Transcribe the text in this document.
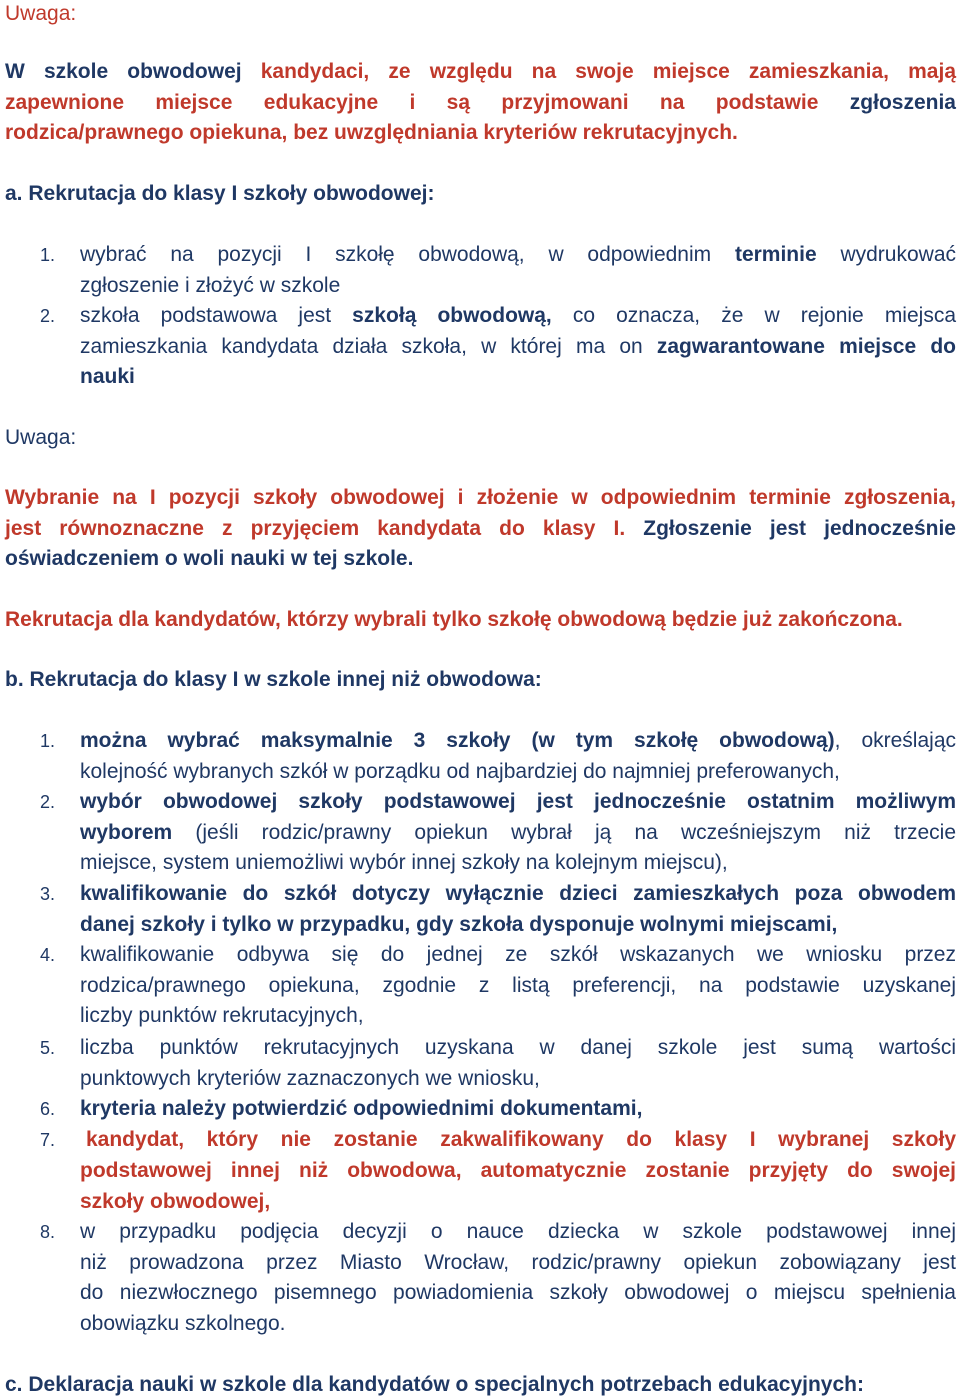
Uwaga:
W szkole obwodowej kandydaci, ze względu na swoje miejsce zamieszkania, mają
zapewnione miejsce edukacyjne i są przyjmowani na podstawie zgłoszenia
rodzica/prawnego opiekuna, bez uwzględniania kryteriów rekrutacyjnych.
a. Rekrutacja do klasy I szkoły obwodowej:
1. wybrać na pozycji I szkołę obwodową, w odpowiednim terminie wydrukować
zgłoszenie i złożyć w szkole
2. szkoła podstawowa jest szkołą obwodową, co oznacza, że w rejonie miejsca
zamieszkania kandydata działa szkoła, w której ma on zagwarantowane miejsce do
nauki
Uwaga:
Wybranie na I pozycji szkoły obwodowej i złożenie w odpowiednim terminie zgłoszenia,
jest równoznaczne z przyjęciem kandydata do klasy I. Zgłoszenie jest jednocześnie
oświadczeniem o woli nauki w tej szkole.
Rekrutacja dla kandydatów, którzy wybrali tylko szkołę obwodową będzie już zakończona.
b. Rekrutacja do klasy I w szkole innej niż obwodowa:
1. można wybrać maksymalnie 3 szkoły (w tym szkołę obwodową), określając
kolejność wybranych szkół w porządku od najbardziej do najmniej preferowanych,
2. wybór obwodowej szkoły podstawowej jest jednocześnie ostatnim możliwym
wyborem (jeśli rodzic/prawny opiekun wybrał ją na wcześniejszym niż trzecie
miejsce, system uniemożliwi wybór innej szkoły na kolejnym miejscu),
3. kwalifikowanie do szkół dotyczy wyłącznie dzieci zamieszkałych poza obwodem
danej szkoły i tylko w przypadku, gdy szkoła dysponuje wolnymi miejscami,
4. kwalifikowanie odbywa się do jednej ze szkół wskazanych we wniosku przez
rodzica/prawnego opiekuna, zgodnie z listą preferencji, na podstawie uzyskanej
liczby punktów rekrutacyjnych,
5. liczba punktów rekrutacyjnych uzyskana w danej szkole jest sumą wartości
punktowych kryteriów zaznaczonych we wniosku,
6. kryteria należy potwierdzić odpowiednimi dokumentami,
7. kandydat, który nie zostanie zakwalifikowany do klasy I wybranej szkoły
podstawowej innej niż obwodowa, automatycznie zostanie przyjęty do swojej
szkoły obwodowej,
8. w przypadku podjęcia decyzji o nauce dziecka w szkole podstawowej innej
niż prowadzona przez Miasto Wrocław, rodzic/prawny opiekun zobowiązany jest
do niezwłocznego pisemnego powiadomienia szkoły obwodowej o miejscu spełnienia
obowiązku szkolnego.
c. Deklaracja nauki w szkole dla kandydatów o specjalnych potrzebach edukacyjnych:
